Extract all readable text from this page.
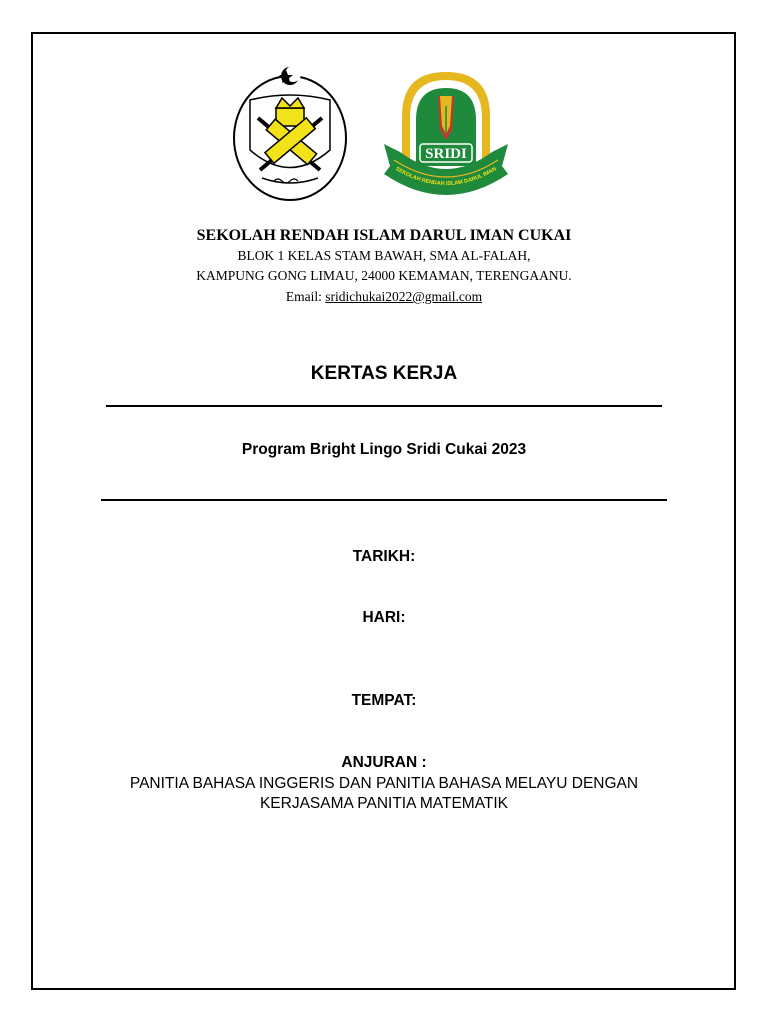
SRIDI
SEKOLAH RENDAH ISLAM DARUL IMAN
SEKOLAH RENDAH ISLAM DARUL IMAN CUKAI
BLOK 1 KELAS STAM BAWAH, SMA AL-FALAH,
KAMPUNG GONG LIMAU, 24000 KEMAMAN, TERENGAANU.
Email: sridichukai2022@gmail.com
KERTAS KERJA
Program Bright Lingo Sridi Cukai 2023
TARIKH:
HARI:
TEMPAT:
ANJURAN :
PANITIA BAHASA INGGERIS DAN PANITIA BAHASA MELAYU DENGAN
KERJASAMA PANITIA MATEMATIK
